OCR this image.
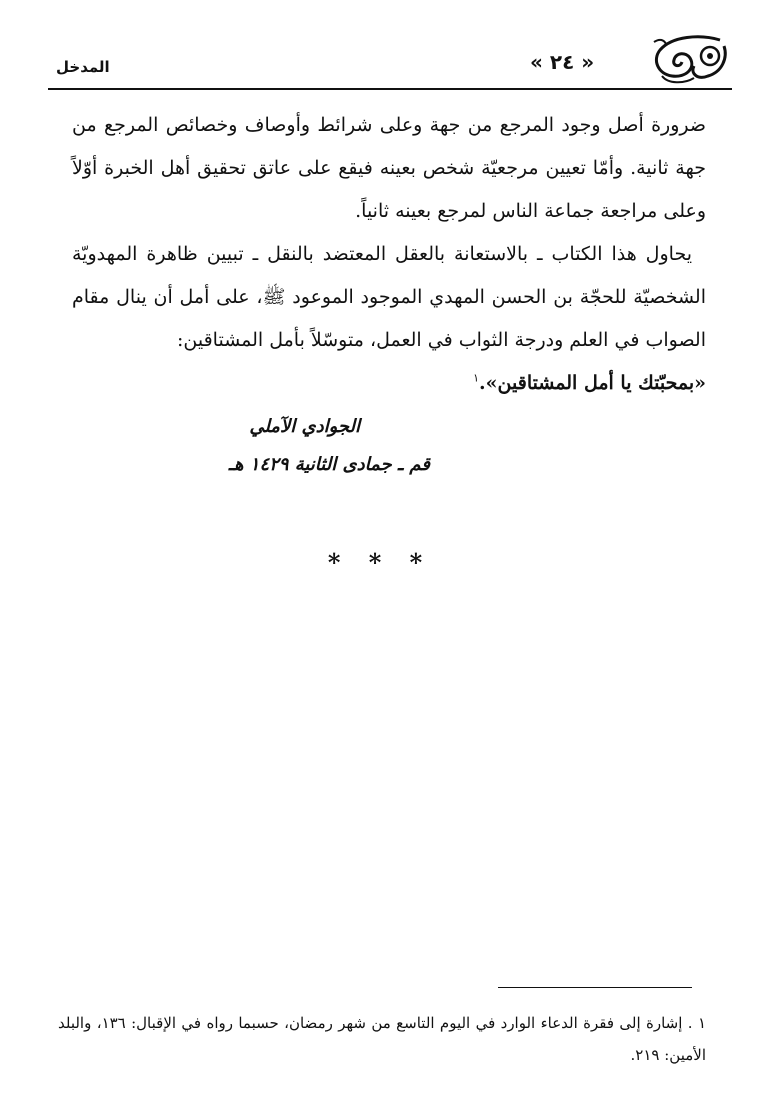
« ٢٤ »
المدخل

ضرورة أصل وجود المرجع من جهة وعلى شرائط وأوصاف وخصائص المرجع من جهة ثانية. وأمّا تعيين مرجعيّة شخص بعينه فيقع على عاتق تحقيق أهل الخبرة أوّلاً وعلى مراجعة جماعة الناس لمرجع بعينه ثانياً.

يحاول هذا الكتاب ـ بالاستعانة بالعقل المعتضد بالنقل ـ تبيين ظاهرة المهدويّة الشخصيّة للحجّة بن الحسن المهدي الموجود الموعود ﷺ، على أمل أن ينال مقام الصواب في العلم ودرجة الثواب في العمل، متوسّلاً بأمل المشتاقين:

«بمحبّتك يا أمل المشتاقين».$^١$

الجوادي الآملي
قم ـ جمادى الثانية ١٤٢٩ هـ
* * *
١ . إشارة إلى فقرة الدعاء الوارد في اليوم التاسع من شهر رمضان، حسبما رواه في الإقبال: ١٣٦، والبلد الأمين: ٢١٩.
